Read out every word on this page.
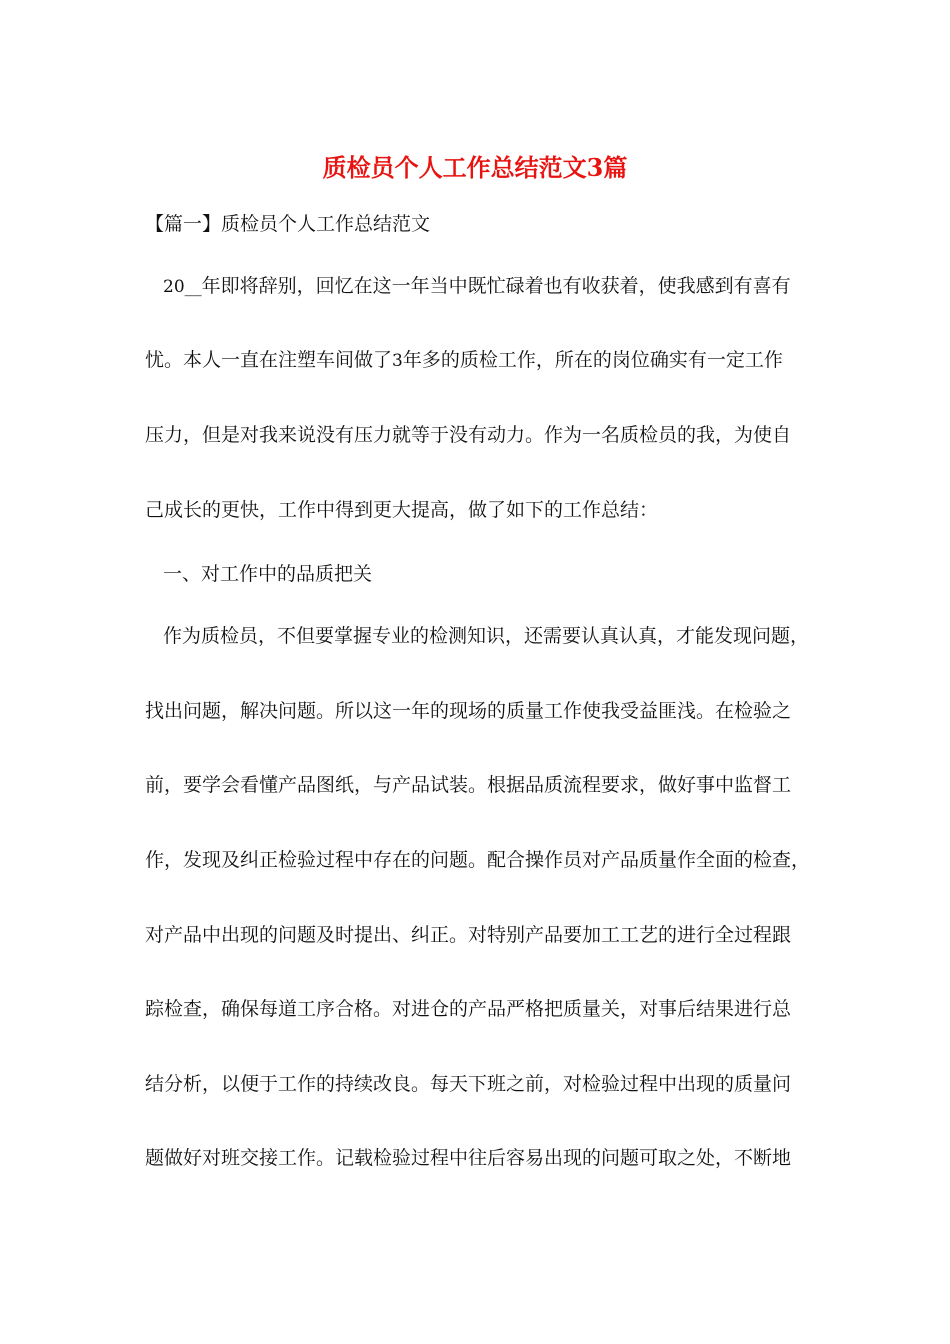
质检员个人工作总结范文3篇

【篇一】质检员个人工作总结范文

20__年即将辞别，回忆在这一年当中既忙碌着也有收获着，使我感到有喜有

忧。本人一直在注塑车间做了3年多的质检工作，所在的岗位确实有一定工作

压力，但是对我来说没有压力就等于没有动力。作为一名质检员的我，为使自

己成长的更快，工作中得到更大提高，做了如下的工作总结：

一、对工作中的品质把关

作为质检员，不但要掌握专业的检测知识，还需要认真认真，才能发现问题，

找出问题，解决问题。所以这一年的现场的质量工作使我受益匪浅。在检验之

前，要学会看懂产品图纸，与产品试装。根据品质流程要求，做好事中监督工

作，发现及纠正检验过程中存在的问题。配合操作员对产品质量作全面的检查，

对产品中出现的问题及时提出、纠正。对特别产品要加工工艺的进行全过程跟

踪检查，确保每道工序合格。对进仓的产品严格把质量关，对事后结果进行总

结分析，以便于工作的持续改良。每天下班之前，对检验过程中出现的质量问

题做好对班交接工作。记载检验过程中往后容易出现的问题可取之处，不断地
